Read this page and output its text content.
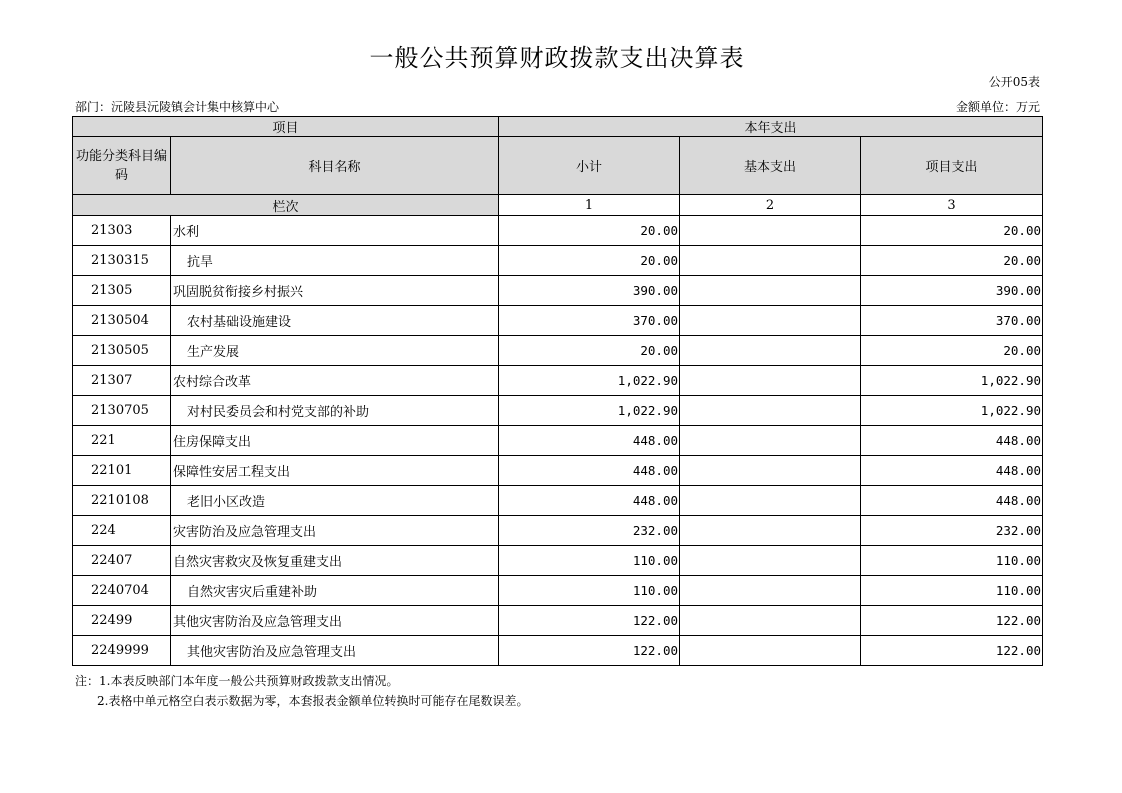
一般公共预算财政拨款支出决算表
公开05表
部门：沅陵县沅陵镇会计集中核算中心	金额单位：万元
项目		本年支出		
功能分类科目编码	科目名称	小计	基本支出	项目支出
栏次		1	2	3
21303	水利	20.00		20.00
2130315	抗旱	20.00		20.00
21305	巩固脱贫衔接乡村振兴	390.00		390.00
2130504	农村基础设施建设	370.00		370.00
2130505	生产发展	20.00		20.00
21307	农村综合改革	1,022.90		1,022.90
2130705	对村民委员会和村党支部的补助	1,022.90		1,022.90
221	住房保障支出	448.00		448.00
22101	保障性安居工程支出	448.00		448.00
2210108	老旧小区改造	448.00		448.00
224	灾害防治及应急管理支出	232.00		232.00
22407	自然灾害救灾及恢复重建支出	110.00		110.00
2240704	自然灾害灾后重建补助	110.00		110.00
22499	其他灾害防治及应急管理支出	122.00		122.00
2249999	其他灾害防治及应急管理支出	122.00		122.00
注：1.本表反映部门本年度一般公共预算财政拨款支出情况。
2.表格中单元格空白表示数据为零，本套报表金额单位转换时可能存在尾数误差。
